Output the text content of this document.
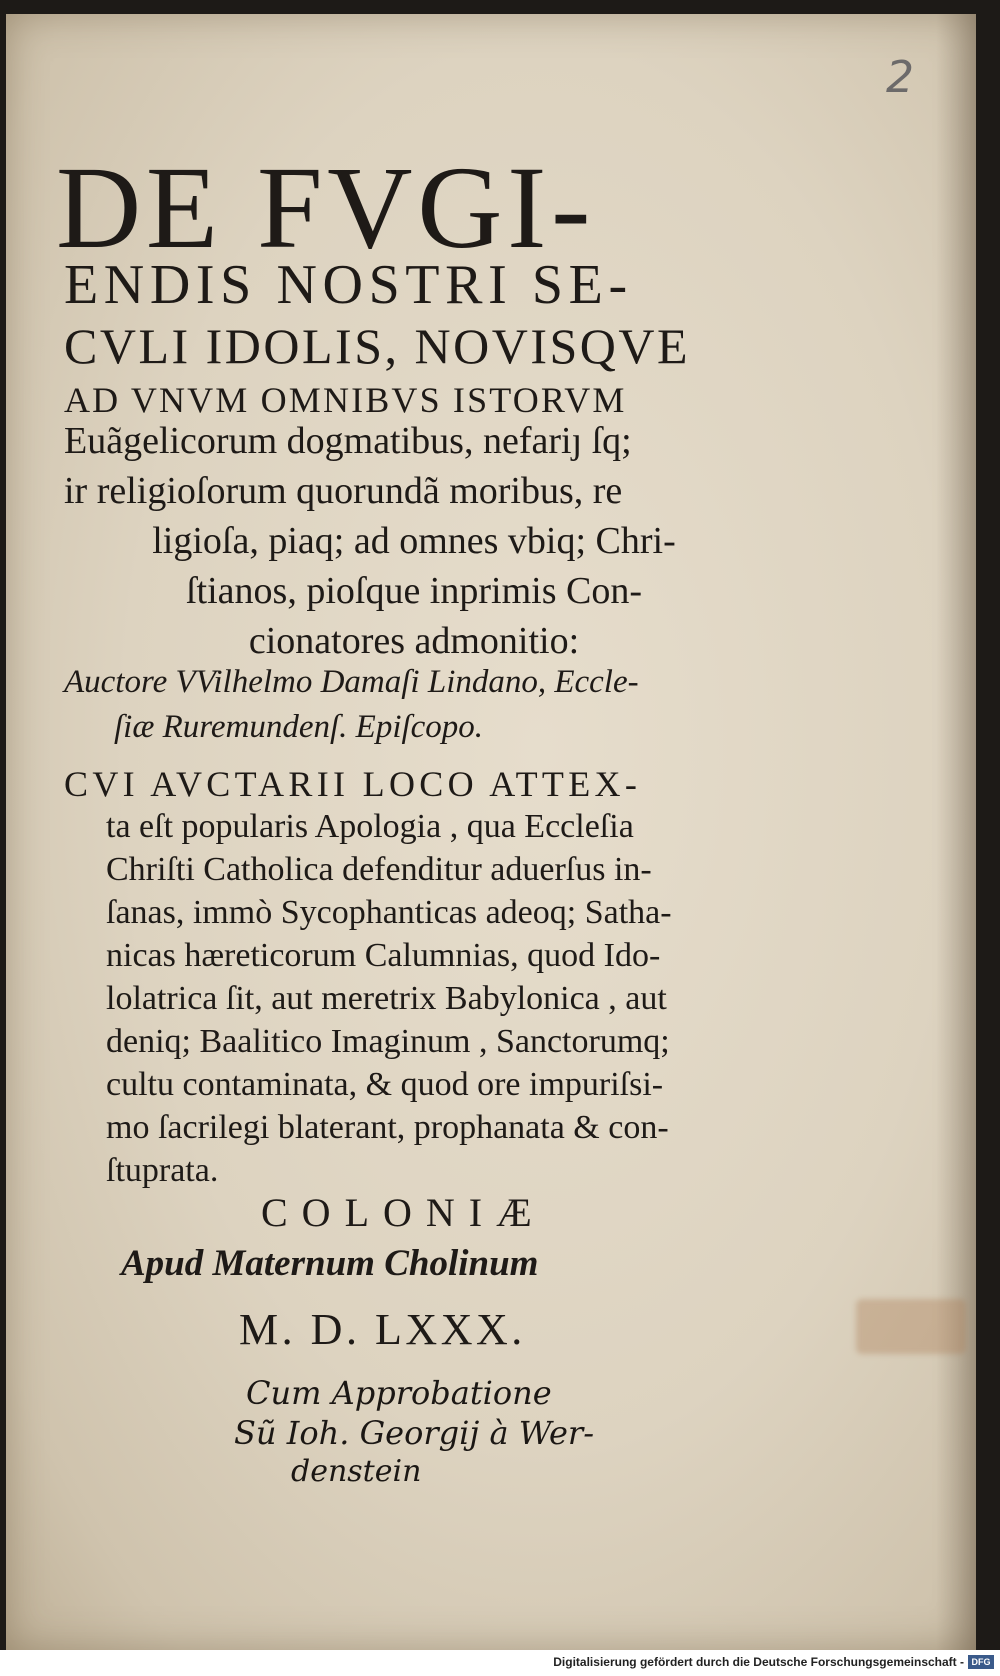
2
DE FVGI-
ENDIS NOSTRI SE-
CVLI IDOLIS, NOVISQVE
AD VNVM OMNIBVS ISTORVM
Euãgelicorum dogmatibus, nefariȷ ſq;
ir religioſorum quorundã moribus, re
ligioſa, piaq; ad omnes vbiq; Chri-
ſtianos, pioſque inprimis Con-
cionatores admonitio:
Auctore VVilhelmo Damaſi Lindano, Eccle-
ſiæ Ruremundenſ. Epiſcopo.
CVI AVCTARII LOCO ATTEX-
ta eſt popularis Apologia , qua Eccleſia
Chriſti Catholica defenditur aduerſus in-
ſanas, immò Sycophanticas adeoq; Satha-
nicas hæreticorum Calumnias, quod Ido-
lolatrica ſit, aut meretrix Babylonica , aut
deniq; Baalitico Imaginum , Sanctorumq;
cultu contaminata, & quod ore impuriſsi-
mo ſacrilegi blaterant, prophanata & con-
ſtuprata.
COLONIÆ
Apud Maternum Cholinum
M. D. LXXX.
Cum Approbatione
Sũ Ioh. Georgij à Wer-
denstein
Digitalisierung gefördert durch die Deutsche Forschungsgemeinschaft - DFG
